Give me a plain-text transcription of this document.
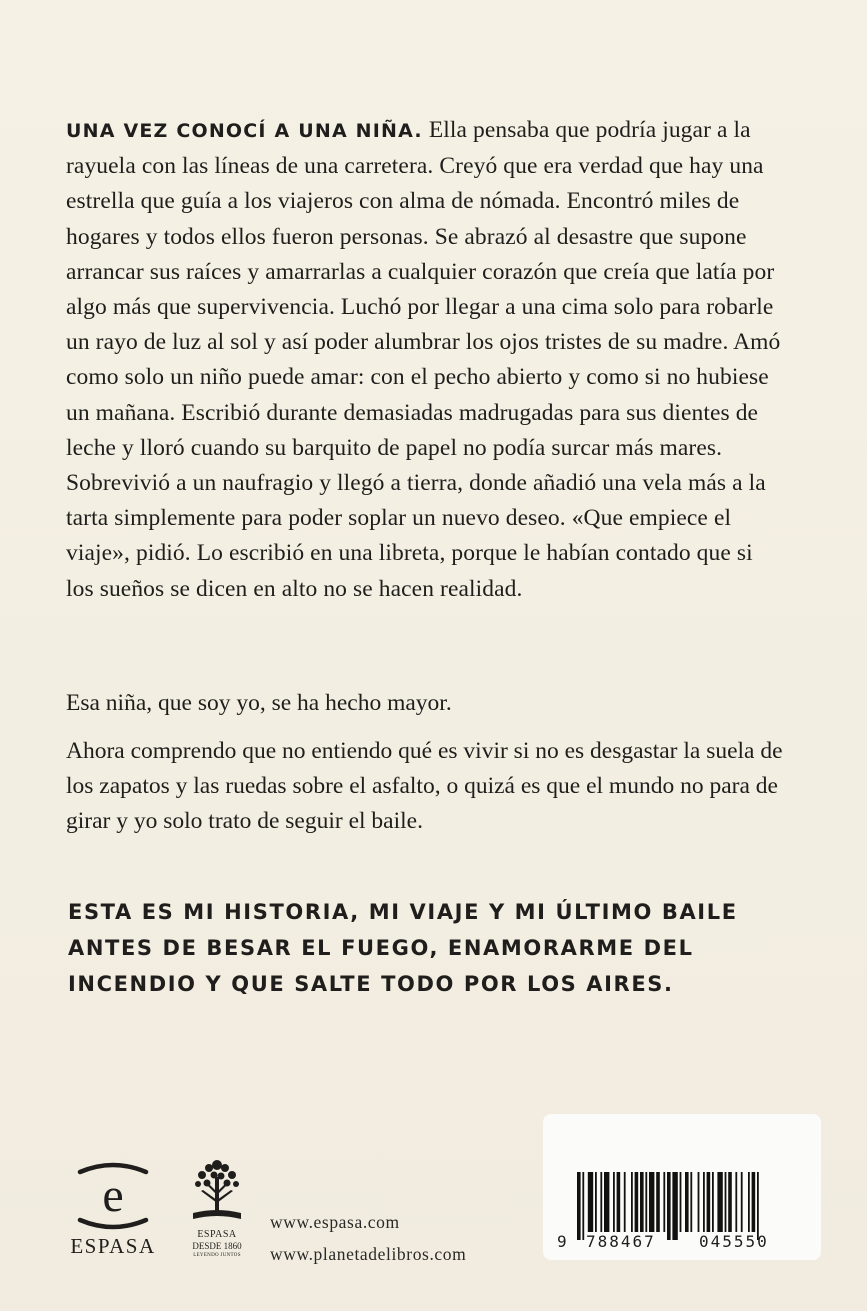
UNA VEZ CONOCÍ A UNA NIÑA. Ella pensaba que podría jugar a la rayuela con las líneas de una carretera. Creyó que era verdad que hay una estrella que guía a los viajeros con alma de nómada. Encontró miles de hogares y todos ellos fueron personas. Se abrazó al desastre que supone arrancar sus raíces y amarrarlas a cualquier corazón que creía que latía por algo más que supervivencia. Luchó por llegar a una cima solo para robarle un rayo de luz al sol y así poder alumbrar los ojos tristes de su madre. Amó como solo un niño puede amar: con el pecho abierto y como si no hubiese un mañana. Escribió durante demasiadas madrugadas para sus dientes de leche y lloró cuando su barquito de papel no podía surcar más mares. Sobrevivió a un naufragio y llegó a tierra, donde añadió una vela más a la tarta simplemente para poder soplar un nuevo deseo. «Que empiece el viaje», pidió. Lo escribió en una libreta, porque le habían contado que si los sueños se dicen en alto no se hacen realidad.

Esa niña, que soy yo, se ha hecho mayor.

Ahora comprendo que no entiendo qué es vivir si no es desgastar la suela de los zapatos y las ruedas sobre el asfalto, o quizá es que el mundo no para de girar y yo solo trato de seguir el baile.

ESTA ES MI HISTORIA, MI VIAJE Y MI ÚLTIMO BAILE ANTES DE BESAR EL FUEGO, ENAMORARME DEL INCENDIO Y QUE SALTE TODO POR LOS AIRES.

e
ESPASA	ESPASA
DESDE 1860
LEYENDO JUNTOS
www.espasa.com
www.planetadelibros.com
9 788467	045550
